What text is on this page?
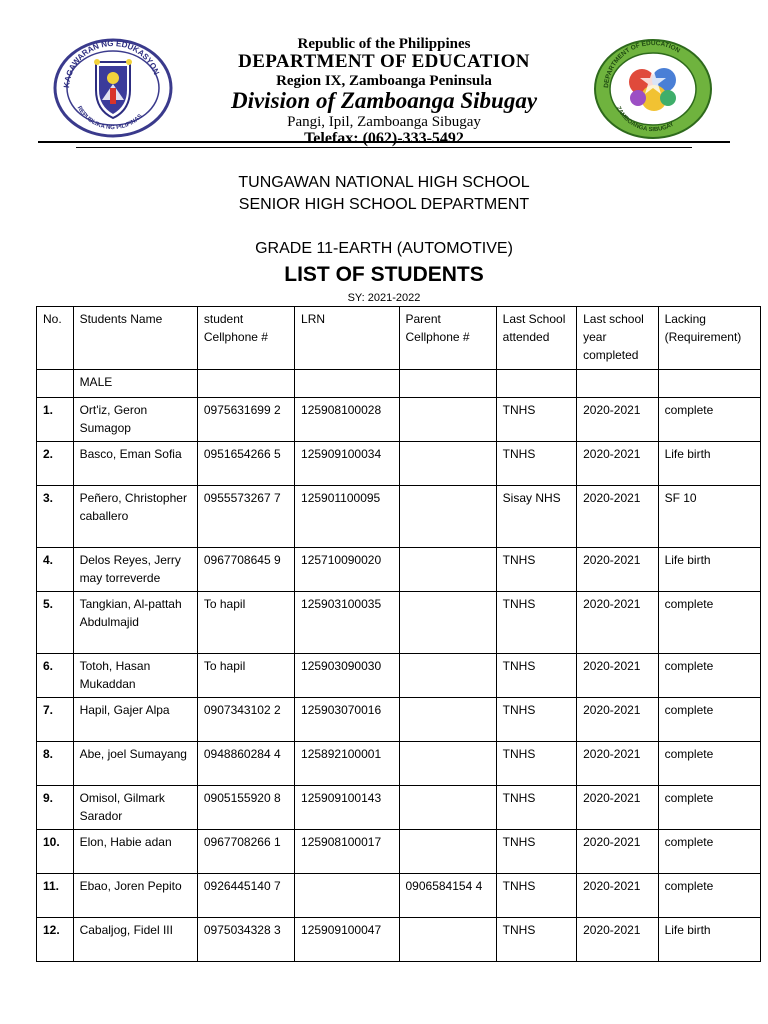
KAGAWARAN NG EDUKASYON
REPUBLIKA NG PILIPINAS
Republic of the Philippines
DEPARTMENT OF EDUCATION
Region IX, Zamboanga Peninsula
Division of Zamboanga Sibugay
Pangi, Ipil, Zamboanga Sibugay
Telefax: (062)-333-5492
DEPARTMENT OF EDUCATION
ZAMBOANGA SIBUGAY
TUNGAWAN NATIONAL HIGH SCHOOL
SENIOR HIGH SCHOOL DEPARTMENT
GRADE 11-EARTH (AUTOMOTIVE)
LIST OF STUDENTS
SY: 2021-2022
No.	Students Name	student Cellphone #	LRN	Parent Cellphone #	Last School attended	Last school year completed	Lacking (Requirement)
	MALE						
1.	Ort'iz, Geron Sumagop	0975631699 2	125908100028		TNHS	2020-2021	complete
2.	Basco, Eman Sofia	0951654266 5	125909100034		TNHS	2020-2021	Life birth
3.	Peñero, Christopher caballero	0955573267 7	125901100095		Sisay NHS	2020-2021	SF 10
4.	Delos Reyes, Jerry may torreverde	0967708645 9	125710090020		TNHS	2020-2021	Life birth
5.	Tangkian, Al-pattah Abdulmajid	To hapil	125903100035		TNHS	2020-2021	complete
6.	Totoh, Hasan Mukaddan	To hapil	125903090030		TNHS	2020-2021	complete
7.	Hapil, Gajer Alpa	0907343102 2	125903070016		TNHS	2020-2021	complete
8.	Abe, joel Sumayang	0948860284 4	125892100001		TNHS	2020-2021	complete
9.	Omisol, Gilmark Sarador	0905155920 8	125909100143		TNHS	2020-2021	complete
10.	Elon, Habie adan	0967708266 1	125908100017		TNHS	2020-2021	complete
11.	Ebao, Joren Pepito	0926445140 7		0906584154 4	TNHS	2020-2021	complete
12.	Cabaljog, Fidel III	0975034328 3	125909100047		TNHS	2020-2021	Life birth
